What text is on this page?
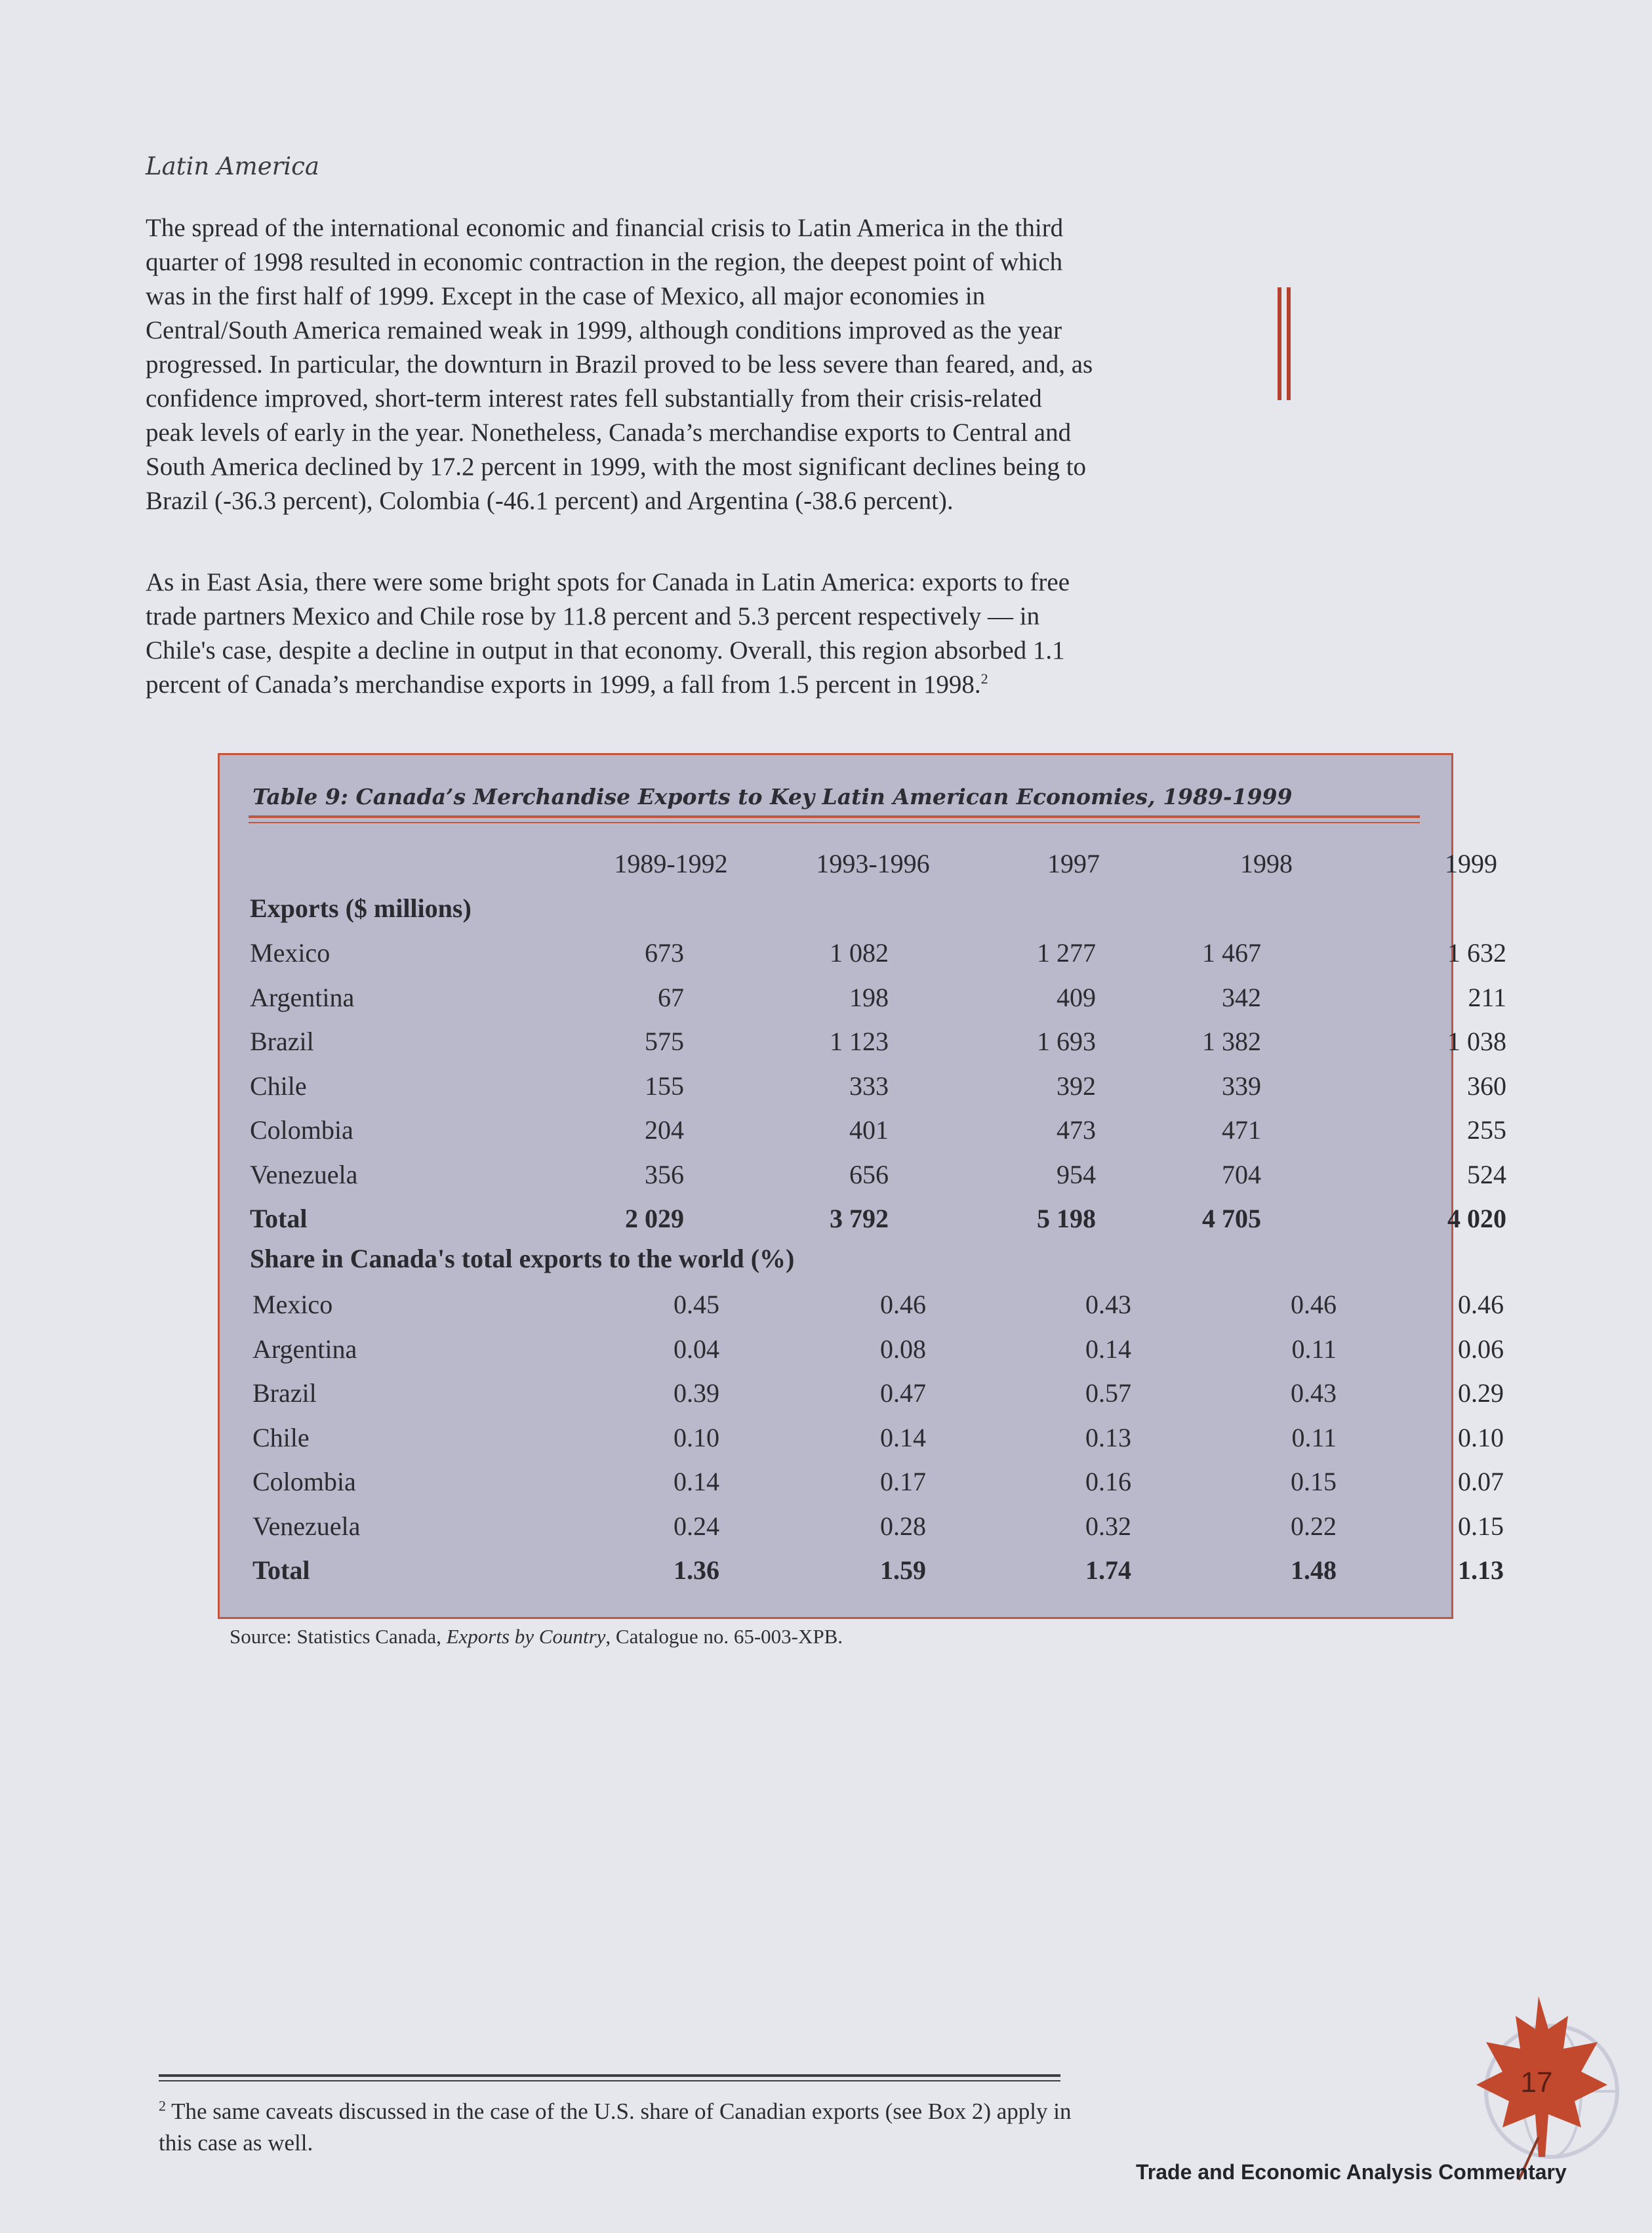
Latin America

The spread of the international economic and financial crisis to Latin America in the third quarter of 1998 resulted in economic contraction in the region, the deepest point of which was in the first half of 1999. Except in the case of Mexico, all major economies in Central/South America remained weak in 1999, although conditions improved as the year progressed. In particular, the downturn in Brazil proved to be less severe than feared, and, as confidence improved, short-term interest rates fell substantially from their crisis-related peak levels of early in the year. Nonetheless, Canada’s merchandise exports to Central and South America declined by 17.2 percent in 1999, with the most significant declines being to Brazil (-36.3 percent), Colombia (-46.1 percent) and Argentina (-38.6 percent).

As in East Asia, there were some bright spots for Canada in Latin America: exports to free trade partners Mexico and Chile rose by 11.8 percent and 5.3 percent respectively — in Chile's case, despite a decline in output in that economy. Overall, this region absorbed 1.1 percent of Canada’s merchandise exports in 1999, a fall from 1.5 percent in 1998.$^2$

Table 9: Canada’s Merchandise Exports to Key Latin American Economies, 1989-1999
1989-1992	1993-1996	1997	1998	1999
Exports ($ millions)
Mexico	673	1 082	1 277	1 467	1 632
Argentina	67	198	409	342	211
Brazil	575	1 123	1 693	1 382	1 038
Chile	155	333	392	339	360
Colombia	204	401	473	471	255
Venezuela	356	656	954	704	524
Total	2 029	3 792	5 198	4 705	4 020
Share in Canada's total exports to the world (%)
Mexico	0.45	0.46	0.43	0.46	0.46
Argentina	0.04	0.08	0.14	0.11	0.06
Brazil	0.39	0.47	0.57	0.43	0.29
Chile	0.10	0.14	0.13	0.11	0.10
Colombia	0.14	0.17	0.16	0.15	0.07
Venezuela	0.24	0.28	0.32	0.22	0.15
Total	1.36	1.59	1.74	1.48	1.13
Source: Statistics Canada, Exports by Country, Catalogue no. 65-003-XPB.
$^2$ The same caveats discussed in the case of the U.S. share of Canadian exports (see Box 2) apply in this case as well.
17
Trade and Economic Analysis Commentary
